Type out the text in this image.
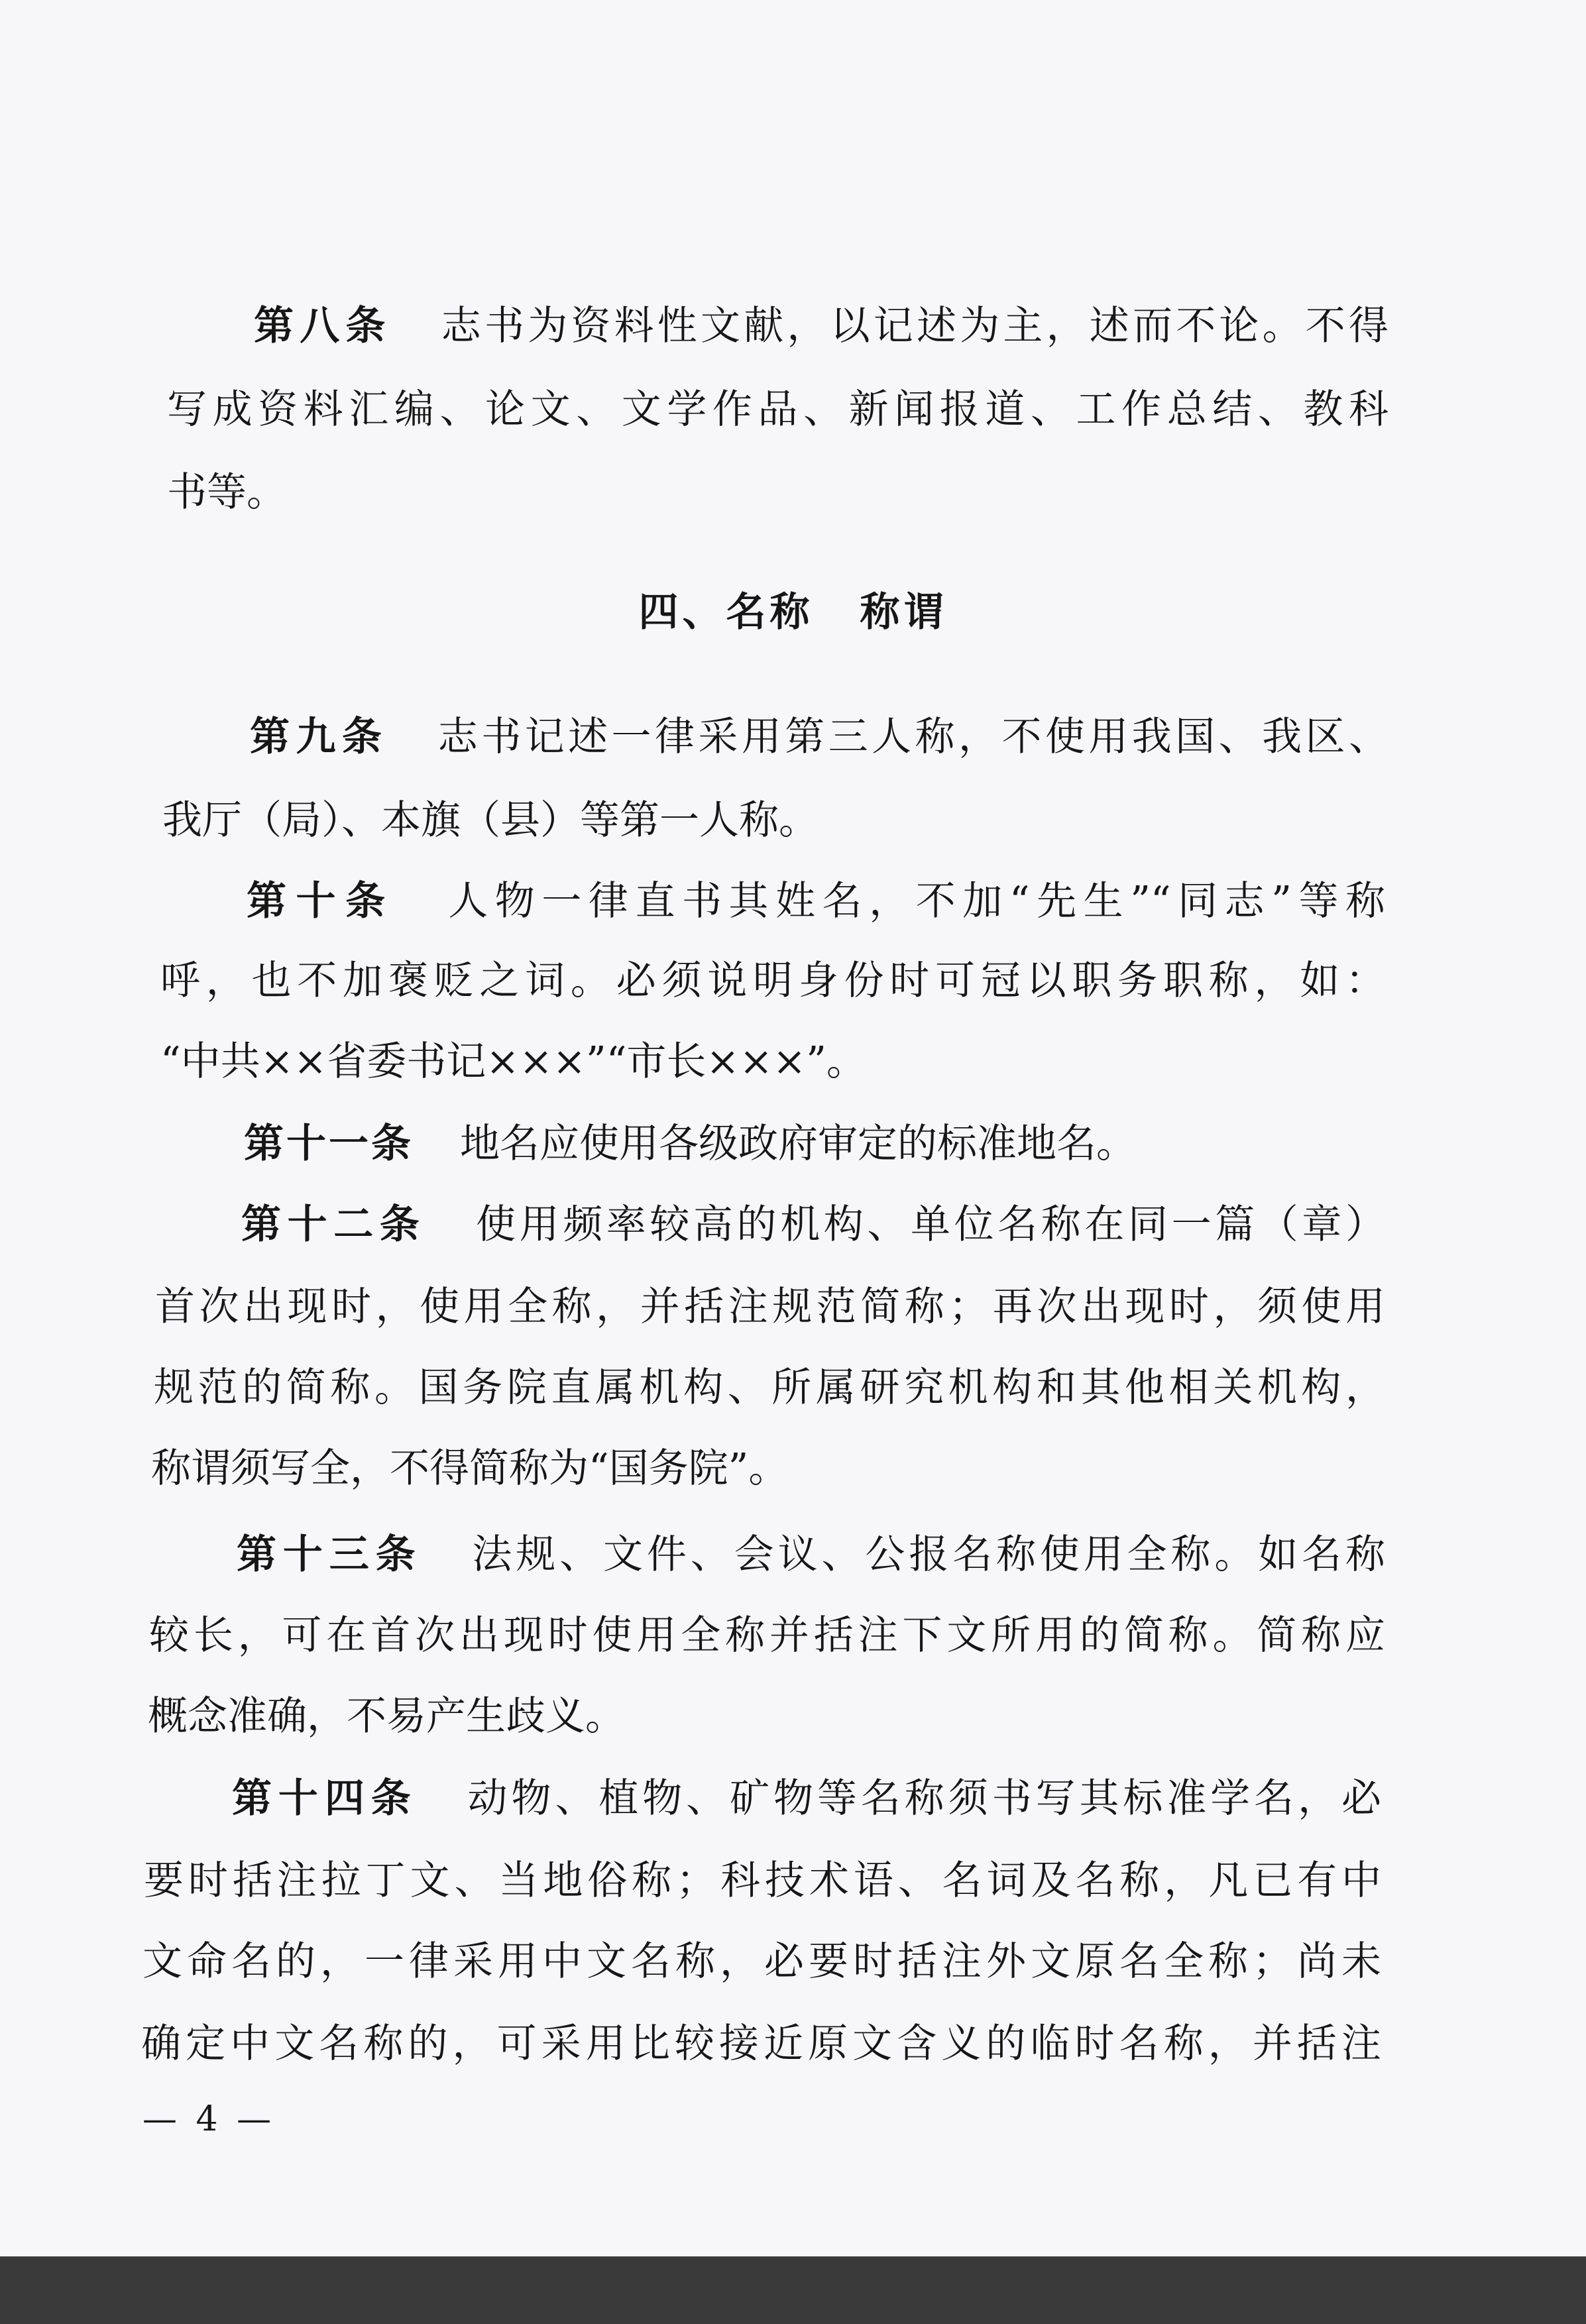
第八条 志书为资料性文献，以记述为主，述而不论。不得
写成资料汇编、论文、文学作品、新闻报道、工作总结、教科
书等。
四、名称 称谓
第九条 志书记述一律采用第三人称，不使用我国、我区、
我厅（局）、本旗（县）等第一人称。
第十条 人物一律直书其姓名，不加“先生”“同志”等称
呼，也不加褒贬之词。必须说明身份时可冠以职务职称，如：
“中共××省委书记×××”“市长×××”。
第十一条 地名应使用各级政府审定的标准地名。
第十二条 使用频率较高的机构、单位名称在同一篇（章）
首次出现时，使用全称，并括注规范简称；再次出现时，须使用
规范的简称。国务院直属机构、所属研究机构和其他相关机构，
称谓须写全，不得简称为“国务院”。
第十三条 法规、文件、会议、公报名称使用全称。如名称
较长，可在首次出现时使用全称并括注下文所用的简称。简称应
概念准确，不易产生歧义。
第十四条 动物、植物、矿物等名称须书写其标准学名，必
要时括注拉丁文、当地俗称；科技术语、名词及名称，凡已有中
文命名的，一律采用中文名称，必要时括注外文原名全称；尚未
确定中文名称的，可采用比较接近原文含义的临时名称，并括注
— 4 —
